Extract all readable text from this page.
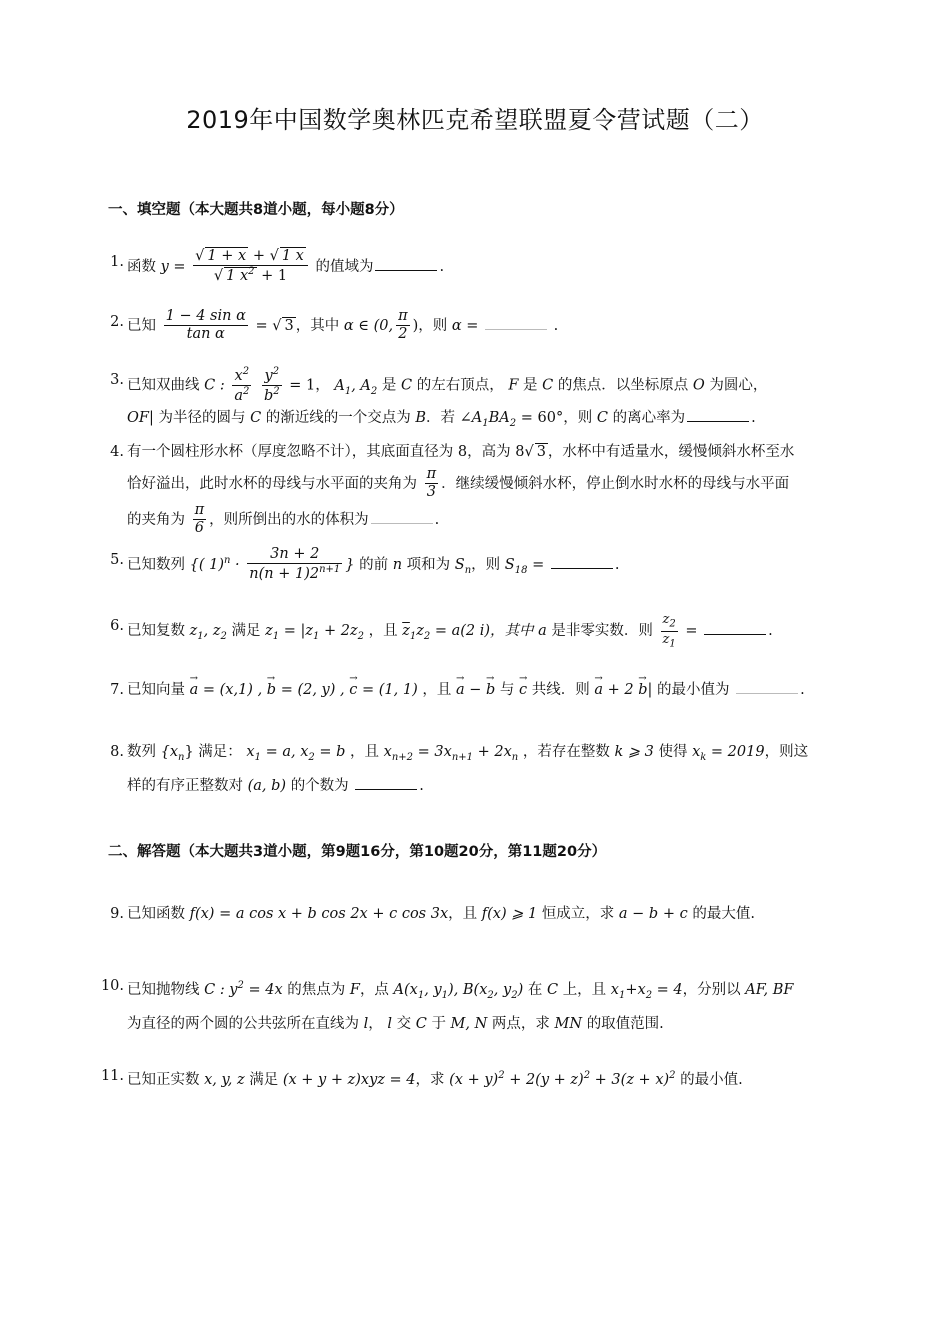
2019年中国数学奥林匹克希望联盟夏令营试题（二）
一、填空题（本大题共8道小题，每小题8分）
1. 函数 $y = \frac{√ 1 + x + √ 1 x}{√ 1 x^2 + 1}$ 的值域为	.
2. 已知 $\frac{\text{1 − 4 sin α}}{\text{tan α}}$ = √ 3 ，其中 α ∈ (0, $\frac{\pi}{2}$ )，则 α =	.
3. 已知双曲线 C : $\frac{x^2}{a^2}$
$\frac{y^2}{b^2} = 1$， $A_1$, $A_2$ 是 C 的左右顶点， F 是 C 的焦点．以坐标原点 O 为圆心，
OF| 为半径的圆与 C 的渐近线的一个交点为 B．若 $\angle A_1BA_2 = 60^\circ$，则 C 的离心率为	.
4. 有一个圆柱形水杯（厚度忽略不计），其底面直径为 8，高为 8√ 3 ，水杯中有适量水，缓慢倾斜水杯至水
恰好溢出，此时水杯的母线与水平面的夹角为 $\frac{\pi}{3}$ ．继续缓慢倾斜水杯，停止倒水时水杯的母线与水平面
的夹角为 $\frac{\pi}{6}$ ，则所倒出的水的体积为	.
5. 已知数列 {( $1)^n \cdot \frac{3n + 2}{n(n + 1)2^{n+1}}$ } 的前 n 项和为 $S_n$，则 $S_{18}$ =	.
6. 已知复数 $z_1$, $z_2$ 满足 $z_1 = |z_1 + 2z_2$ ，且 $\overline{z}_1z_2 = a(2$ i)，其中 a 是非零实数．则 $\frac{z_2}{z_1}$ =	.
7. 已知向量 → a = (x,1) , → b = (2, y) , → c = (1, 1) ，且 → a − → b 与 → c 共线．则 → a + 2 → b| 的最小值为	.
8. 数列 $\{x_n\}$ 满足： $x_1 = a$, $x_2 = b$ ，且 $x_{n+2} = 3x_{n+1} + 2x_n$ ，若存在整数 k ⩾ 3 使得 $x_k = 2019$，则这
样的有序正整数对 (a, b) 的个数为	.
二、解答题（本大题共3道小题，第9题16分，第10题20分，第11题20分）
9. 已知函数 f(x) = a cos x + b cos 2x + c cos 3x，且 f(x) ⩾ 1 恒成立，求 a − b + c 的最大值.
10. 已知抛物线 C : $y^2 = 4x$ 的焦点为 F，点 $A(x_1$, $y_1$), $B(x_2$, $y_2$) 在 C 上，且 $x_1+x_2 = 4$，分别以 AF, BF
为直径的两个圆的公共弦所在直线为 l， l 交 C 于 M, N 两点，求 MN 的取值范围.
11. 已知正实数 x, y, z 满足 (x + y + z)xyz = 4，求 $(x + y)^2 + 2(y + z)^2 + 3(z + x)^2$ 的最小值.
